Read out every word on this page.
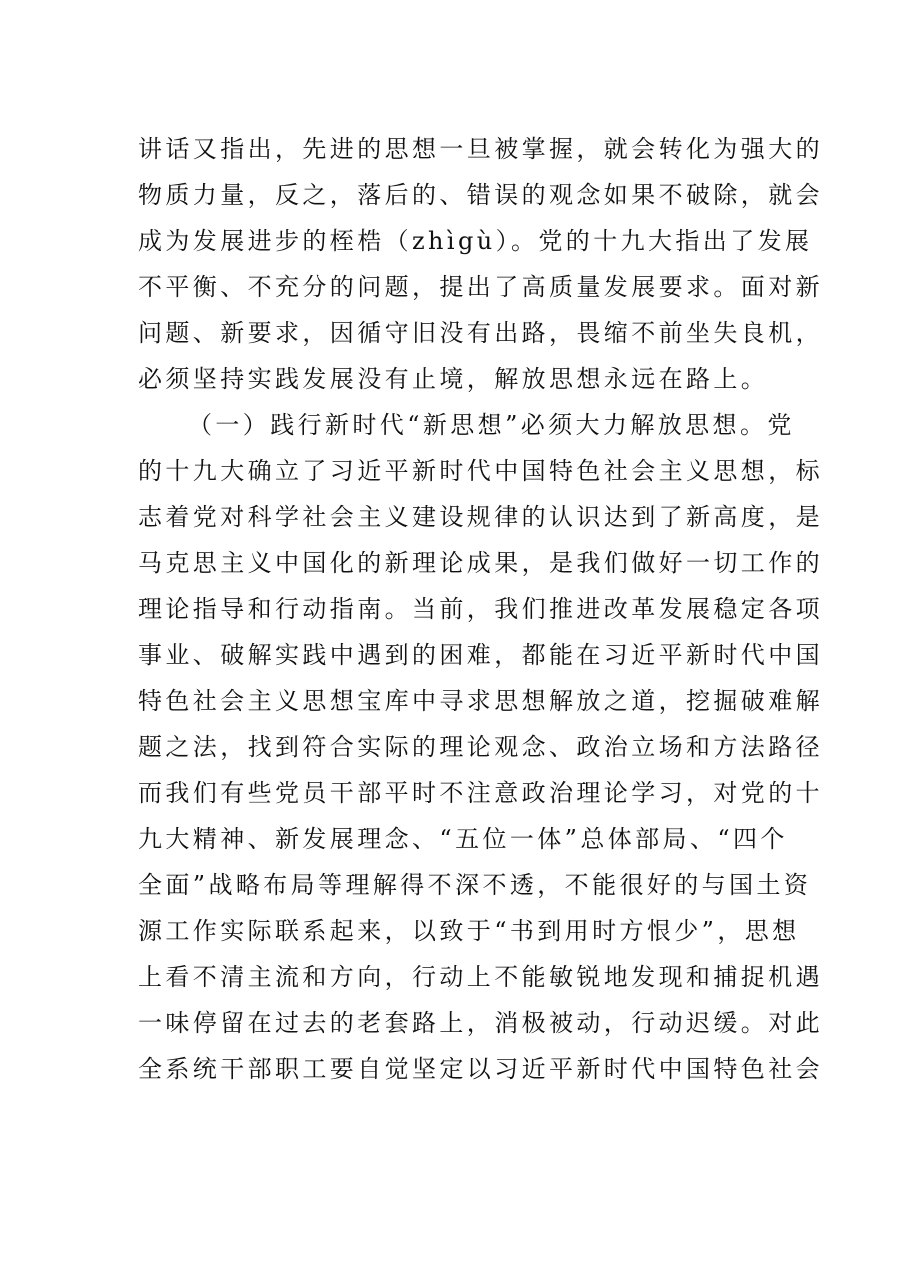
讲话又指出，先进的思想一旦被掌握，就会转化为强大的
物质力量，反之，落后的、错误的观念如果不破除，就会
成为发展进步的桎梏（zhìgù）。党的十九大指出了发展
不平衡、不充分的问题，提出了高质量发展要求。面对新
问题、新要求，因循守旧没有出路，畏缩不前坐失良机，
必须坚持实践发展没有止境，解放思想永远在路上。
（一）践行新时代“新思想”必须大力解放思想。党
的十九大确立了习近平新时代中国特色社会主义思想，标
志着党对科学社会主义建设规律的认识达到了新高度，是
马克思主义中国化的新理论成果，是我们做好一切工作的
理论指导和行动指南。当前，我们推进改革发展稳定各项
事业、破解实践中遇到的困难，都能在习近平新时代中国
特色社会主义思想宝库中寻求思想解放之道，挖掘破难解
题之法，找到符合实际的理论观念、政治立场和方法路径
而我们有些党员干部平时不注意政治理论学习，对党的十
九大精神、新发展理念、“五位一体”总体部局、“四个
全面”战略布局等理解得不深不透，不能很好的与国土资
源工作实际联系起来，以致于“书到用时方恨少”，思想
上看不清主流和方向，行动上不能敏锐地发现和捕捉机遇
一味停留在过去的老套路上，消极被动，行动迟缓。对此
全系统干部职工要自觉坚定以习近平新时代中国特色社会
